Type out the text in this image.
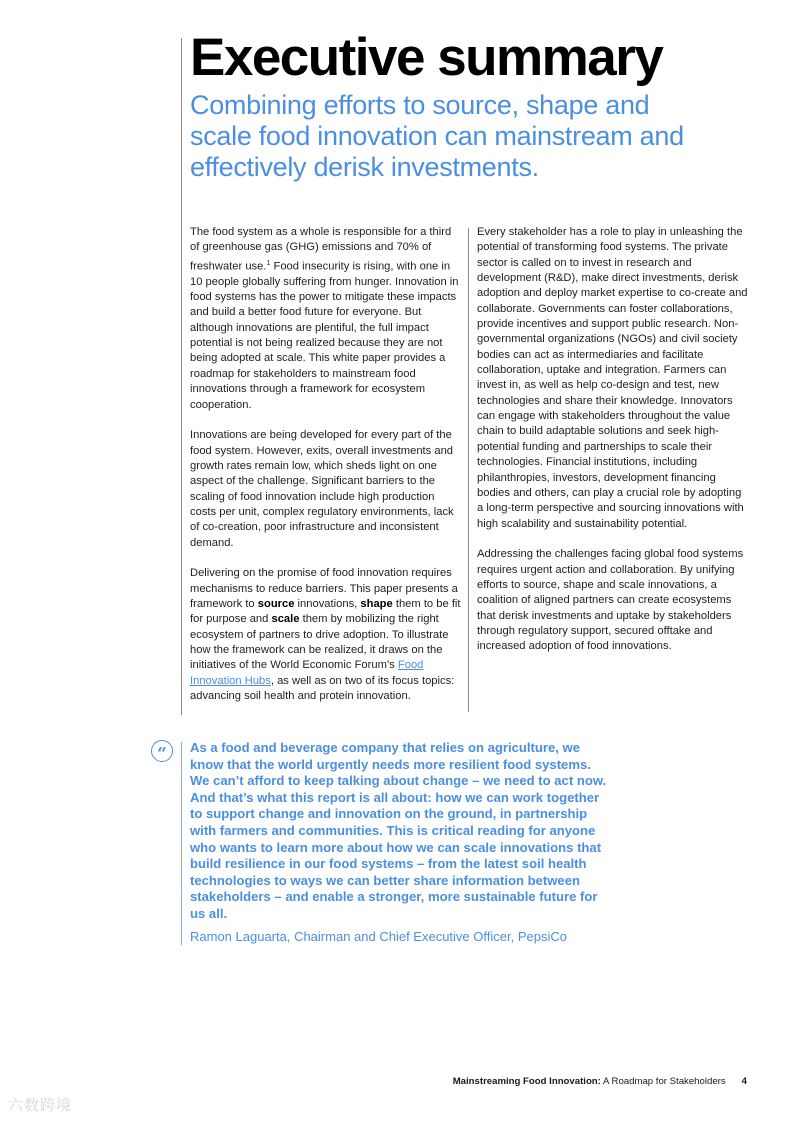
Executive summary

Combining efforts to source, shape and scale food innovation can mainstream and effectively derisk investments.

The food system as a whole is responsible for a third of greenhouse gas (GHG) emissions and 70% of freshwater use.$^1$ Food insecurity is rising, with one in 10 people globally suffering from hunger. Innovation in food systems has the power to mitigate these impacts and build a better food future for everyone. But although innovations are plentiful, the full impact potential is not being realized because they are not being adopted at scale. This white paper provides a roadmap for stakeholders to mainstream food innovations through a framework for ecosystem cooperation.

Innovations are being developed for every part of the food system. However, exits, overall investments and growth rates remain low, which sheds light on one aspect of the challenge. Significant barriers to the scaling of food innovation include high production costs per unit, complex regulatory environments, lack of co-creation, poor infrastructure and inconsistent demand.

Delivering on the promise of food innovation requires mechanisms to reduce barriers. This paper presents a framework to source innovations, shape them to be fit for purpose and scale them by mobilizing the right ecosystem of partners to drive adoption. To illustrate how the framework can be realized, it draws on the initiatives of the World Economic Forum’s Food Innovation Hubs, as well as on two of its focus topics: advancing soil health and protein innovation.

Every stakeholder has a role to play in unleashing the potential of transforming food systems. The private sector is called on to invest in research and development (R&D), make direct investments, derisk adoption and deploy market expertise to co-create and collaborate. Governments can foster collaborations, provide incentives and support public research. Non-governmental organizations (NGOs) and civil society bodies can act as intermediaries and facilitate collaboration, uptake and integration. Farmers can invest in, as well as help co-design and test, new technologies and share their knowledge. Innovators can engage with stakeholders throughout the value chain to build adaptable solutions and seek high-potential funding and partnerships to scale their technologies. Financial institutions, including philanthropies, investors, development financing bodies and others, can play a crucial role by adopting a long-term perspective and sourcing innovations with high scalability and sustainability potential.

Addressing the challenges facing global food systems requires urgent action and collaboration. By unifying efforts to source, shape and scale innovations, a coalition of aligned partners can create ecosystems that derisk investments and uptake by stakeholders through regulatory support, secured offtake and increased adoption of food innovations.

“	As a food and beverage company that relies on agriculture, we know that the world urgently needs more resilient food systems. We can’t afford to keep talking about change – we need to act now. And that’s what this report is all about: how we can work together to support change and innovation on the ground, in partnership with farmers and communities. This is critical reading for anyone who wants to learn more about how we can scale innovations that build resilience in our food systems – from the latest soil health technologies to ways we can better share information between stakeholders – and enable a stronger, more sustainable future for us all.

Ramon Laguarta, Chairman and Chief Executive Officer, PepsiCo

Mainstreaming Food Innovation: A Roadmap for Stakeholders 4
六数跨境
